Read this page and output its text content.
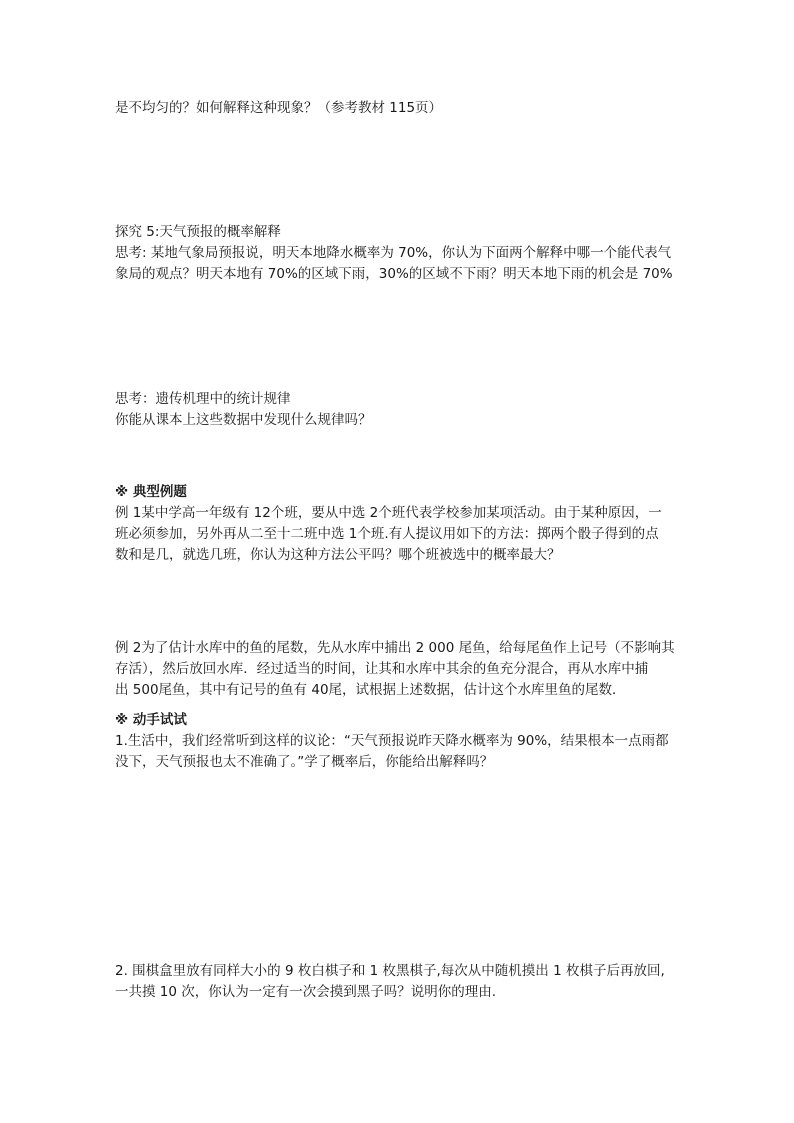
是不均匀的？如何解释这种现象？（参考教材 115页）
探究 5:天气预报的概率解释
思考: 某地气象局预报说，明天本地降水概率为 70%，你认为下面两个解释中哪一个能代表气
象局的观点？明天本地有 70%的区域下雨，30%的区域不下雨？明天本地下雨的机会是 70%
思考：遗传机理中的统计规律
你能从课本上这些数据中发现什么规律吗？
※ 典型例题
例 1某中学高一年级有 12个班，要从中选 2个班代表学校参加某项活动。由于某种原因，一
班必须参加，另外再从二至十二班中选 1个班.有人提议用如下的方法：掷两个骰子得到的点
数和是几，就选几班，你认为这种方法公平吗？哪个班被选中的概率最大？
例 2为了估计水库中的鱼的尾数，先从水库中捕出 2 000 尾鱼，给每尾鱼作上记号（不影响其
存活），然后放回水库．经过适当的时间，让其和水库中其余的鱼充分混合，再从水库中捕
出 500尾鱼，其中有记号的鱼有 40尾，试根据上述数据，估计这个水库里鱼的尾数．
※ 动手试试
1.生活中，我们经常听到这样的议论：“天气预报说昨天降水概率为 90%，结果根本一点雨都
没下，天气预报也太不准确了。”学了概率后，你能给出解释吗？
2. 围棋盒里放有同样大小的 9 枚白棋子和 1 枚黑棋子,每次从中随机摸出 1 枚棋子后再放回,
一共摸 10 次，你认为一定有一次会摸到黑子吗？说明你的理由.
